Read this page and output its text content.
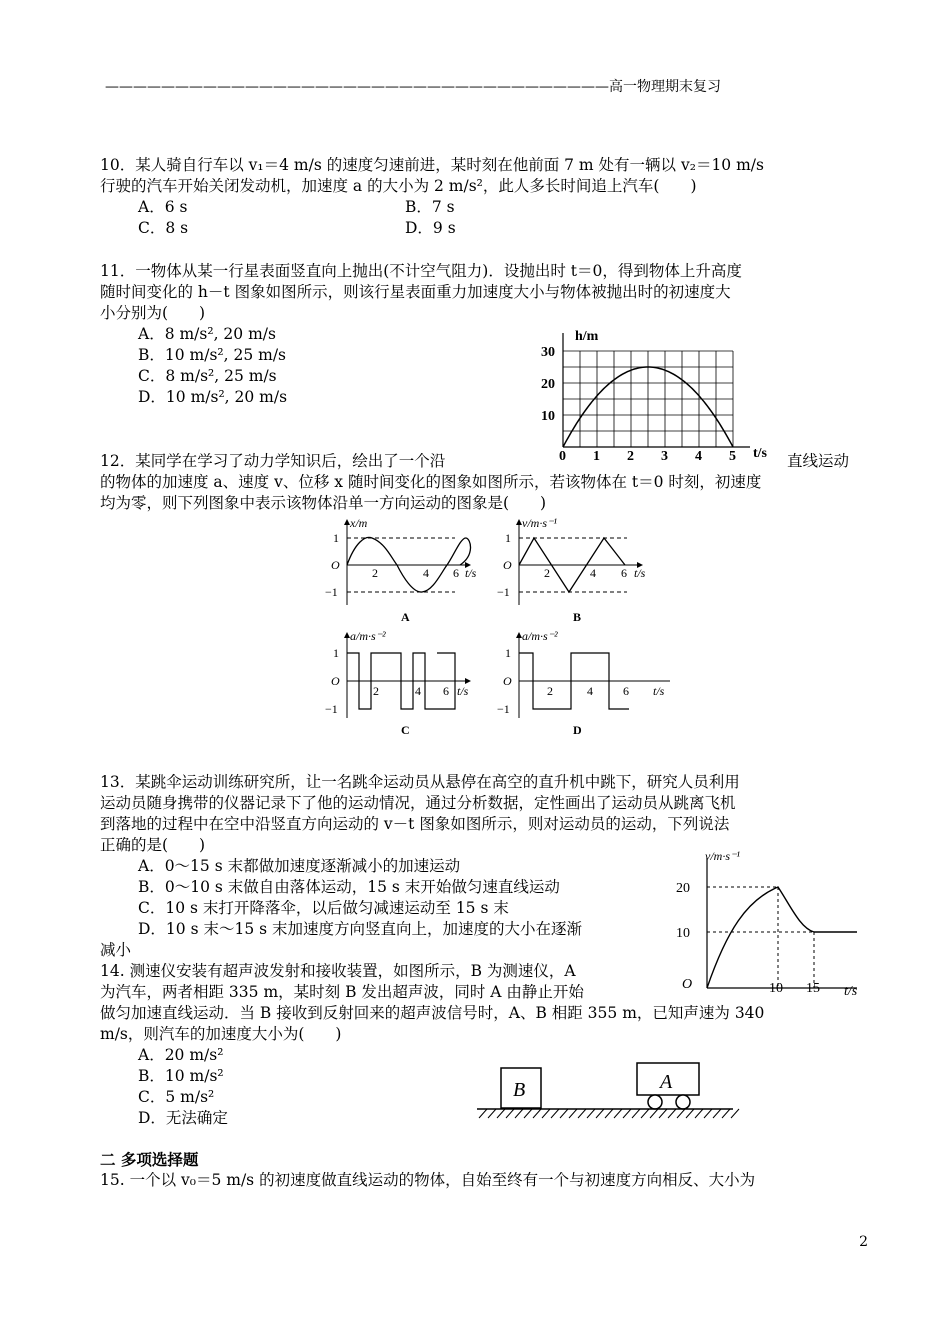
————————————————————————————————————高一物理期末复习
10．某人骑自行车以 v₁＝4 m/s 的速度匀速前进，某时刻在他前面 7 m 处有一辆以 v₂＝10 m/s
行驶的汽车开始关闭发动机，加速度 a 的大小为 2 m/s²，此人多长时间追上汽车(　　)
A．6 s	B．7 s
C．8 s	D．9 s
11．一物体从某一行星表面竖直向上抛出(不计空气阻力)．设抛出时 t＝0，得到物体上升高度
随时间变化的 h－t 图象如图所示，则该行星表面重力加速度大小与物体被抛出时的初速度大
小分别为(　　)
A．8 m/s², 20 m/s
B．10 m/s², 25 m/s
C．8 m/s², 25 m/s
D．10 m/s², 20 m/s
h/m
t/s
0 1 2 3 4 5
10
20
30
12．某同学在学习了动力学知识后，绘出了一个沿	直线运动
的物体的加速度 a、速度 v、位移 x 随时间变化的图象如图所示，若该物体在 t＝0 时刻，初速度
均为零，则下列图象中表示该物体沿单一方向运动的图象是(　　)
x/m
1
O
−1
2	4 6 t/s
A
v/m·s⁻¹
1
O
−1
2	4 6 t/s
B
a/m·s⁻²
1
O
−1
2	4 6 t/s
C
a/m·s⁻²
1
O
−1
2	4	6 t/s
D
13．某跳伞运动训练研究所，让一名跳伞运动员从悬停在高空的直升机中跳下，研究人员利用
运动员随身携带的仪器记录下了他的运动情况，通过分析数据，定性画出了运动员从跳离飞机
到落地的过程中在空中沿竖直方向运动的 v－t 图象如图所示，则对运动员的运动，下列说法
正确的是(　　)
A．0～15 s 末都做加速度逐渐减小的加速运动
B．0～10 s 末做自由落体运动，15 s 末开始做匀速直线运动
C．10 s 末打开降落伞，以后做匀减速运动至 15 s 末
D．10 s 末～15 s 末加速度方向竖直向上，加速度的大小在逐渐
减小
v/m·s⁻¹
20
10
O	10 15 t/s
14. 测速仪安装有超声波发射和接收装置，如图所示，B 为测速仪，A
为汽车，两者相距 335 m，某时刻 B 发出超声波，同时 A 由静止开始
做匀加速直线运动．当 B 接收到反射回来的超声波信号时，A、B 相距 355 m，已知声速为 340
m/s，则汽车的加速度大小为(　　)
A．20 m/s²
B．10 m/s²
C．5 m/s²
D．无法确定
B	A
二 多项选择题
15. 一个以 v₀＝5 m/s 的初速度做直线运动的物体，自始至终有一个与初速度方向相反、大小为
2
